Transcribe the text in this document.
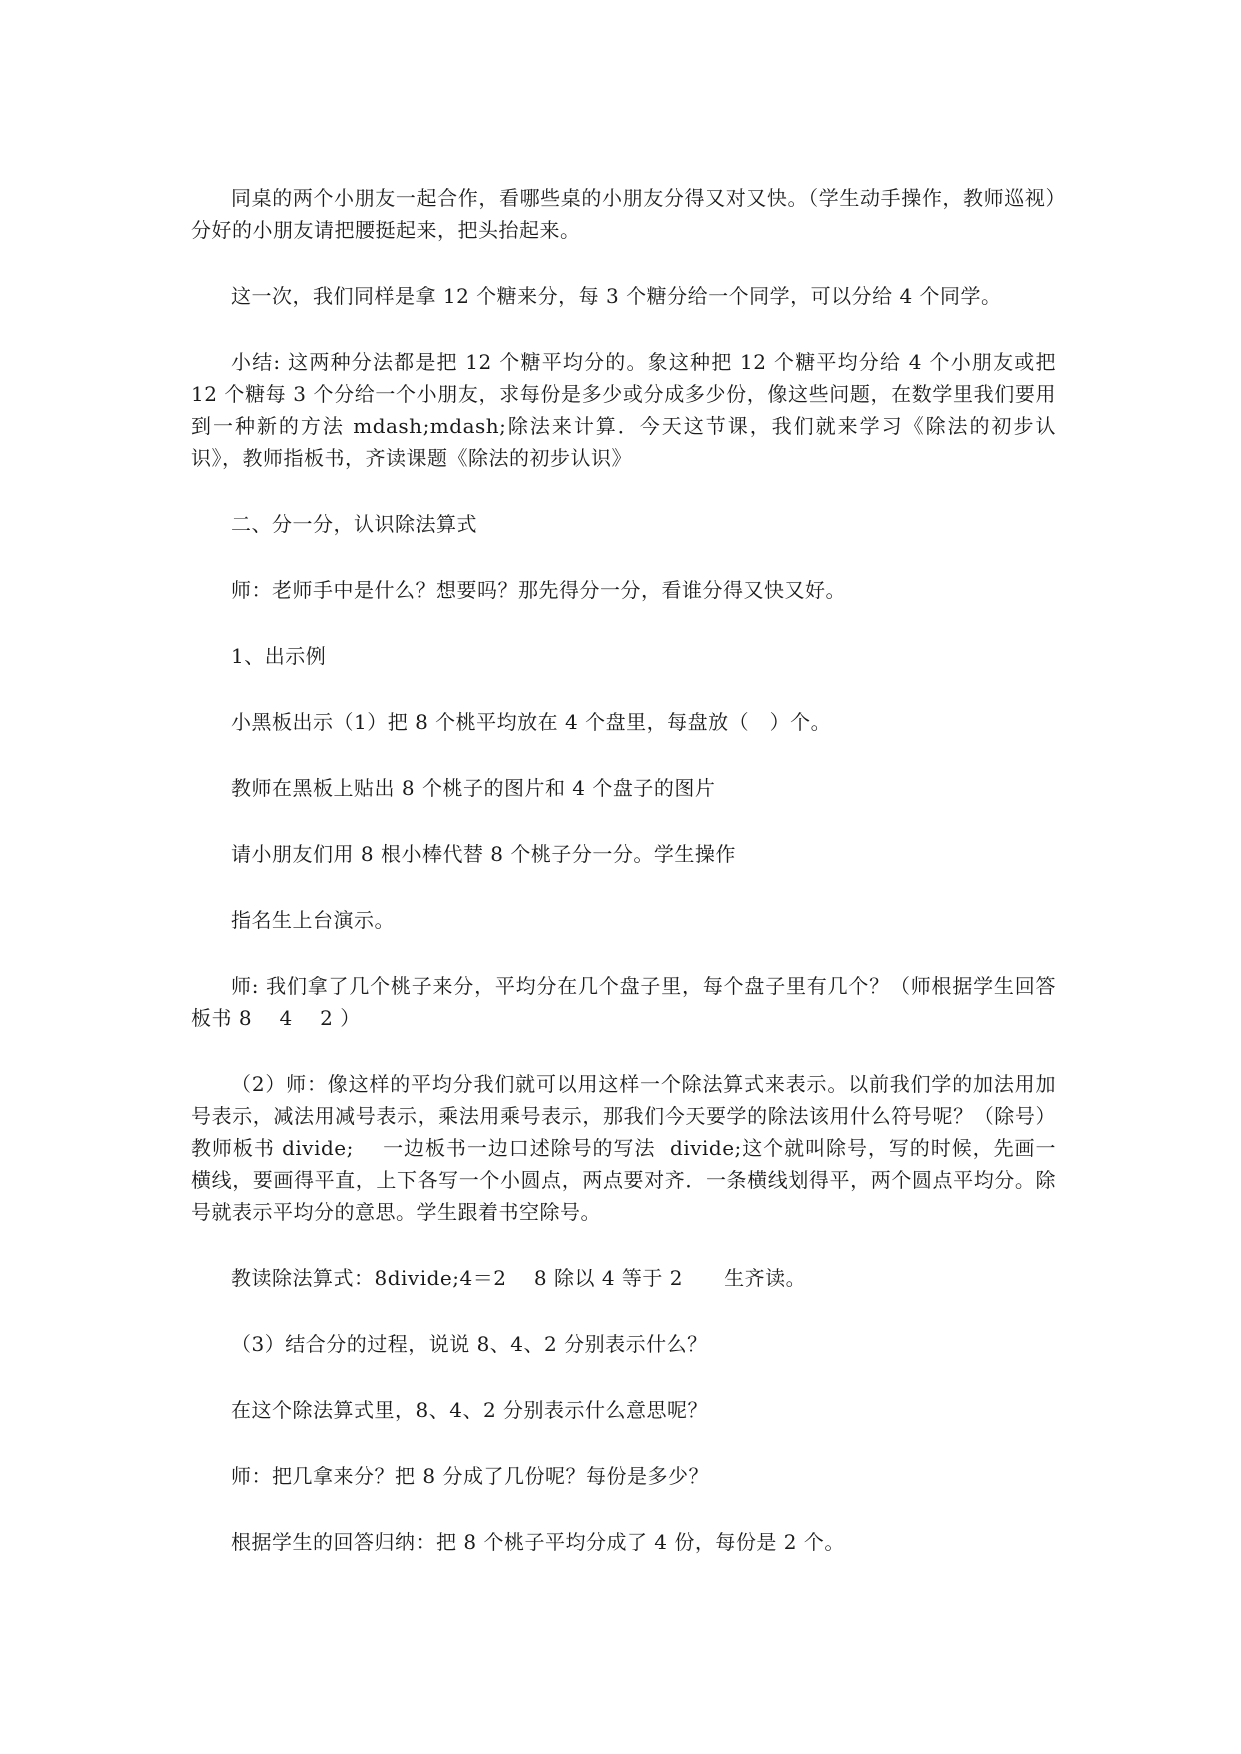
同桌的两个小朋友一起合作，看哪些桌的小朋友分得又对又快。（学生动手操作，教师巡视）分好的小朋友请把腰挺起来，把头抬起来。

这一次，我们同样是拿 12 个糖来分，每 3 个糖分给一个同学，可以分给 4 个同学。

小结: 这两种分法都是把 12 个糖平均分的。象这种把 12 个糖平均分给 4 个小朋友或把 12 个糖每 3 个分给一个小朋友，求每份是多少或分成多少份，像这些问题，在数学里我们要用到一种新的方法 mdash;mdash;除法来计算．今天这节课，我们就来学习《除法的初步认识》，教师指板书，齐读课题《除法的初步认识》

二、分一分，认识除法算式

师：老师手中是什么？想要吗？那先得分一分，看谁分得又快又好。

1、出示例

小黑板出示（1）把 8 个桃平均放在 4 个盘里，每盘放（   ）个。

教师在黑板上贴出 8 个桃子的图片和 4 个盘子的图片

请小朋友们用 8 根小棒代替 8 个桃子分一分。学生操作

指名生上台演示。

师: 我们拿了几个桃子来分，平均分在几个盘子里，每个盘子里有几个？（师根据学生回答板书 8    4    2 ）

（2）师：像这样的平均分我们就可以用这样一个除法算式来表示。以前我们学的加法用加号表示，减法用减号表示，乘法用乘号表示，那我们今天要学的除法该用什么符号呢？（除号）教师板书 divide;    一边板书一边口述除号的写法  divide;这个就叫除号，写的时候，先画一横线，要画得平直，上下各写一个小圆点，两点要对齐．一条横线划得平，两个圆点平均分。除号就表示平均分的意思。学生跟着书空除号。

教读除法算式：8divide;4＝2    8 除以 4 等于 2      生齐读。

（3）结合分的过程，说说 8、4、2 分别表示什么？

在这个除法算式里，8、4、2 分别表示什么意思呢？

师：把几拿来分？把 8 分成了几份呢？每份是多少？

根据学生的回答归纳：把 8 个桃子平均分成了 4 份，每份是 2 个。
